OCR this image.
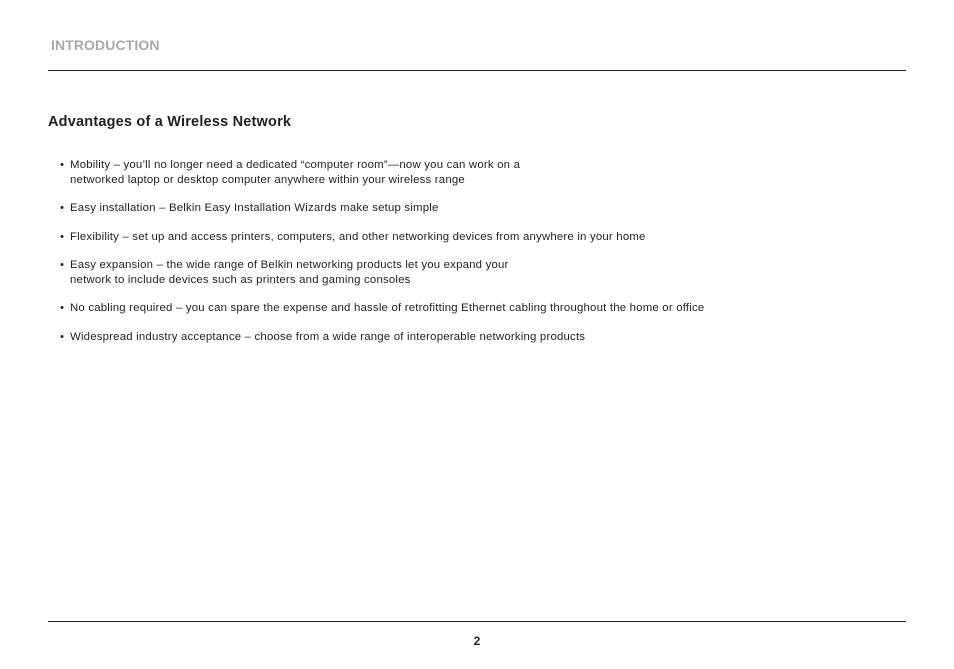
INTRODUCTION
Advantages of a Wireless Network
• Mobility – you’ll no longer need a dedicated “computer room”—now you can work on a
networked laptop or desktop computer anywhere within your wireless range
• Easy installation – Belkin Easy Installation Wizards make setup simple
• Flexibility – set up and access printers, computers, and other networking devices from anywhere in your home
• Easy expansion – the wide range of Belkin networking products let you expand your
network to include devices such as printers and gaming consoles
• No cabling required – you can spare the expense and hassle of retrofitting Ethernet cabling throughout the home or office
• Widespread industry acceptance – choose from a wide range of interoperable networking products
2
